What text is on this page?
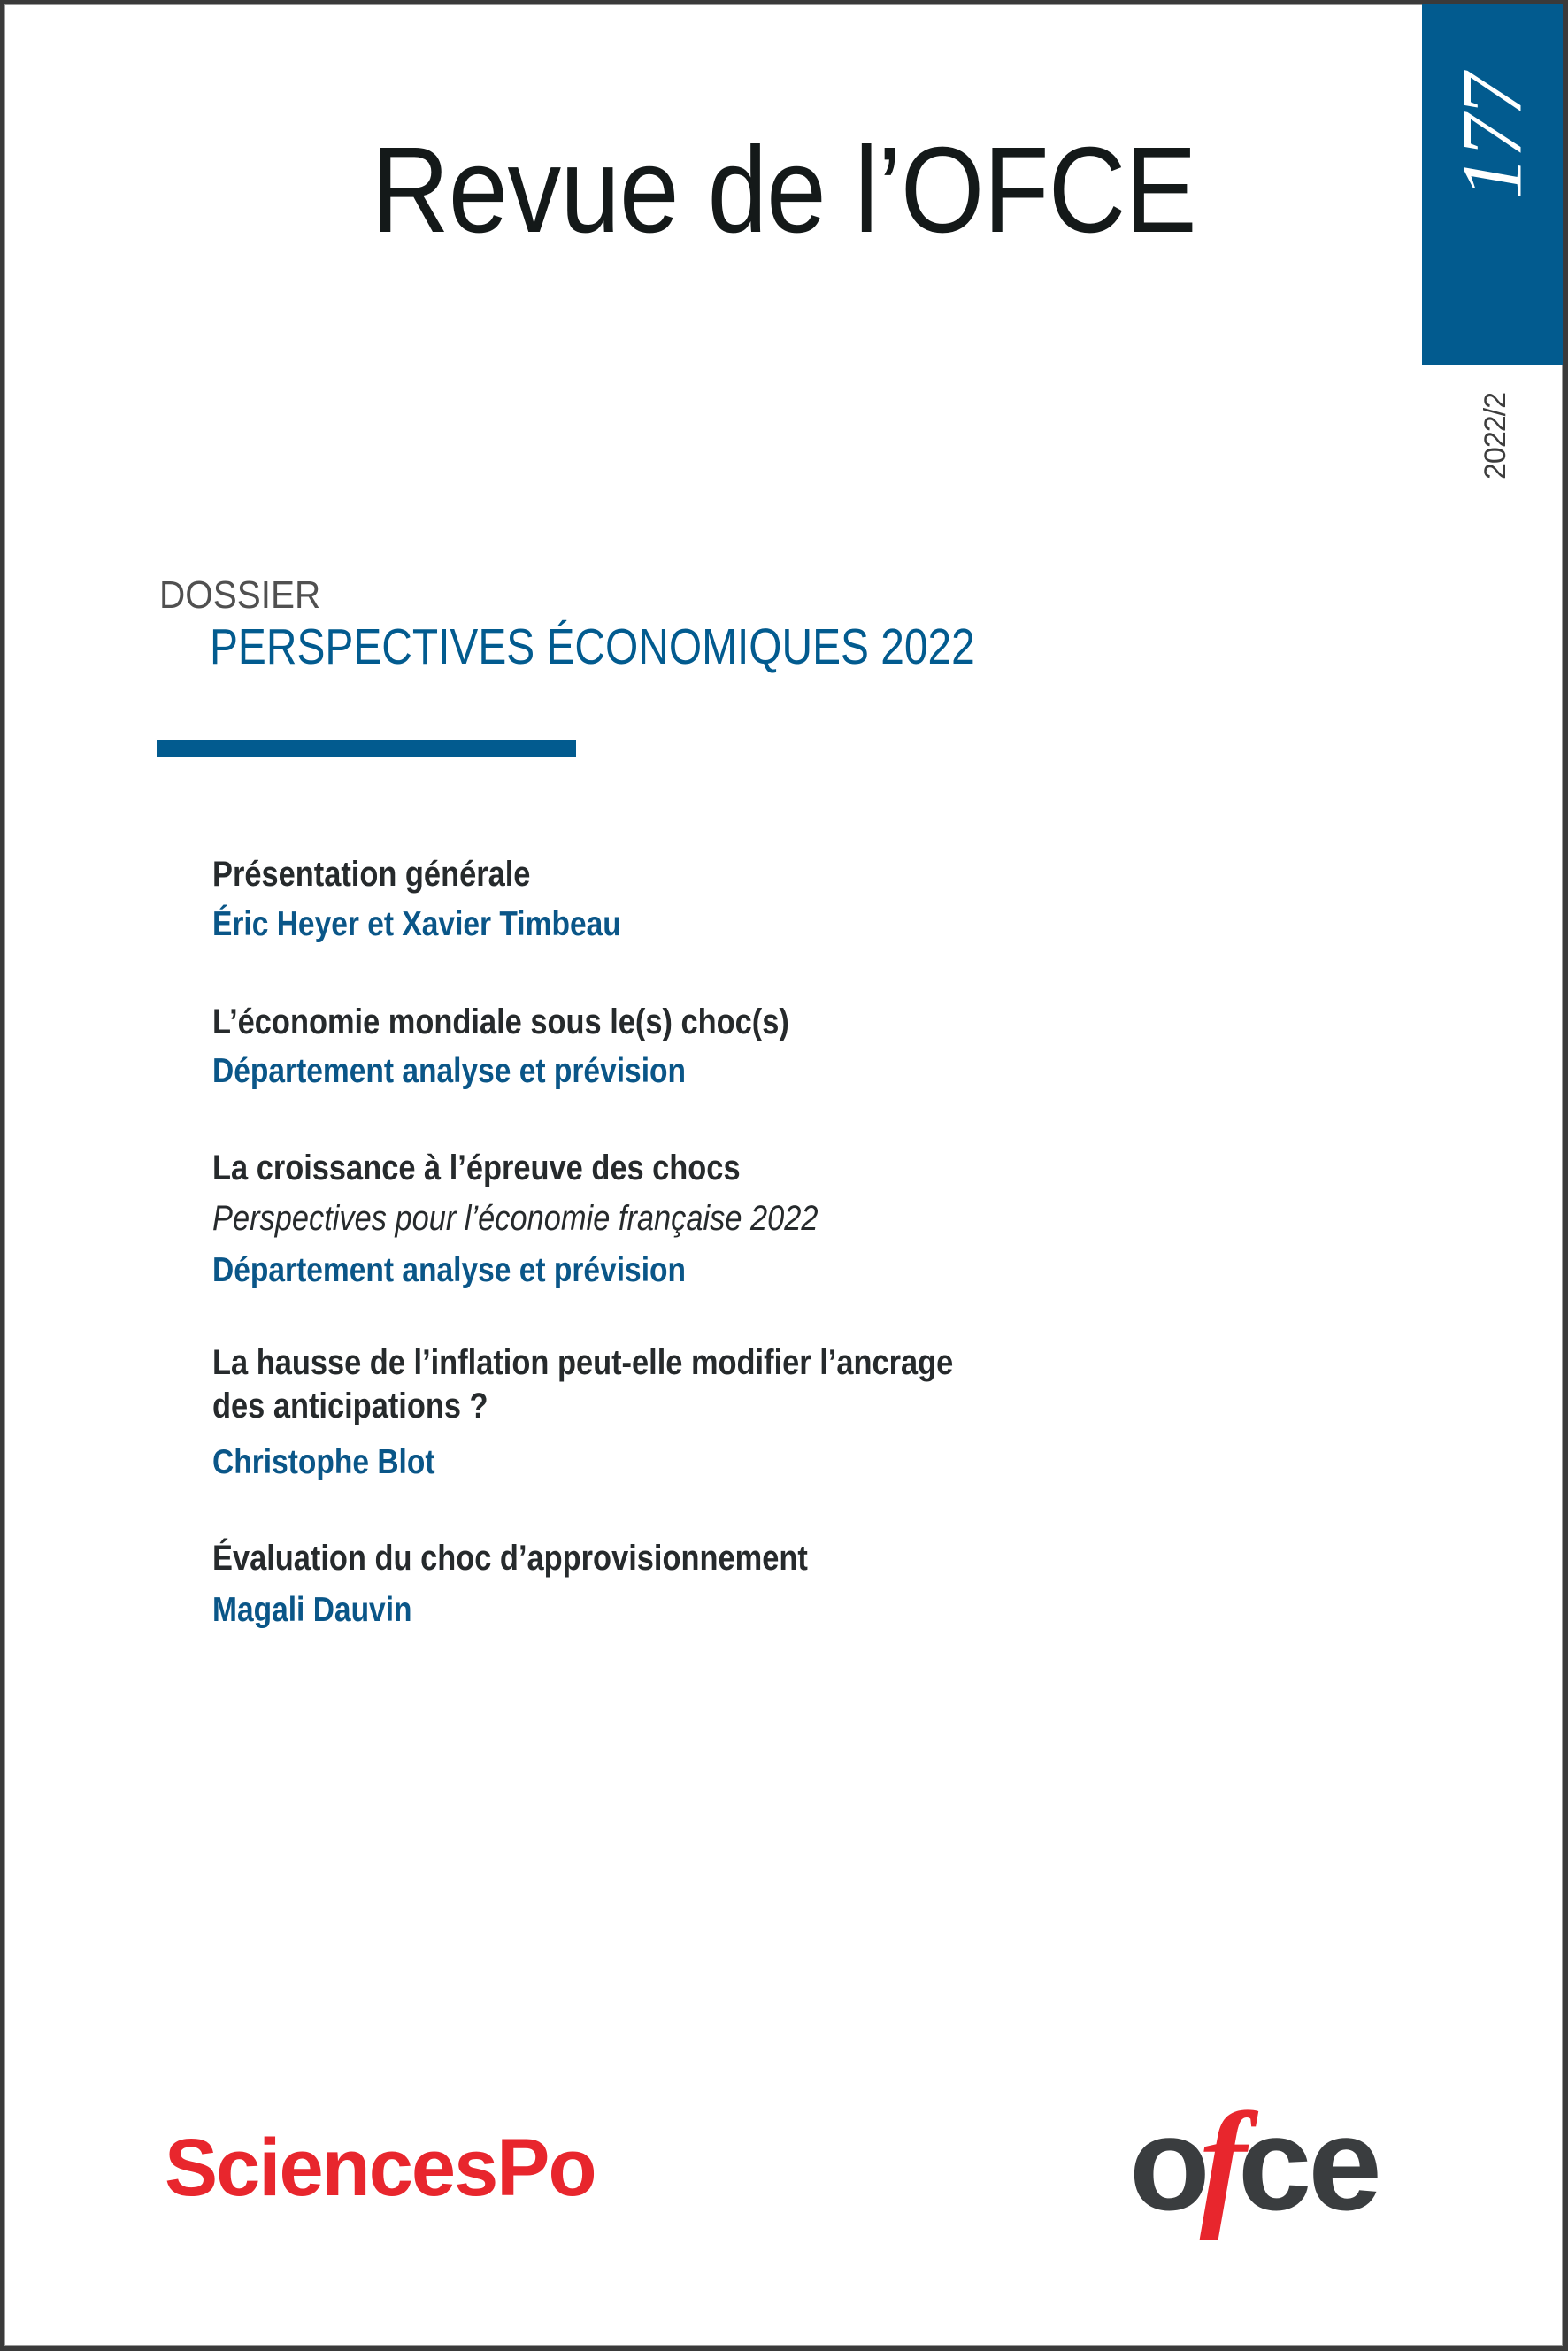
Revue de l’OFCE	177
2022/2
DOSSIER
PERSPECTIVES ÉCONOMIQUES 2022
Présentation générale
Éric Heyer et Xavier Timbeau
L’économie mondiale sous le(s) choc(s)
Département analyse et prévision
La croissance à l’épreuve des chocs
Perspectives pour l’économie française 2022
Département analyse et prévision
La hausse de l’inflation peut-elle modifier l’ancrage
des anticipations ?
Christophe Blot
Évaluation du choc d’approvisionnement
Magali Dauvin
SciencesPo	o
f
ce
